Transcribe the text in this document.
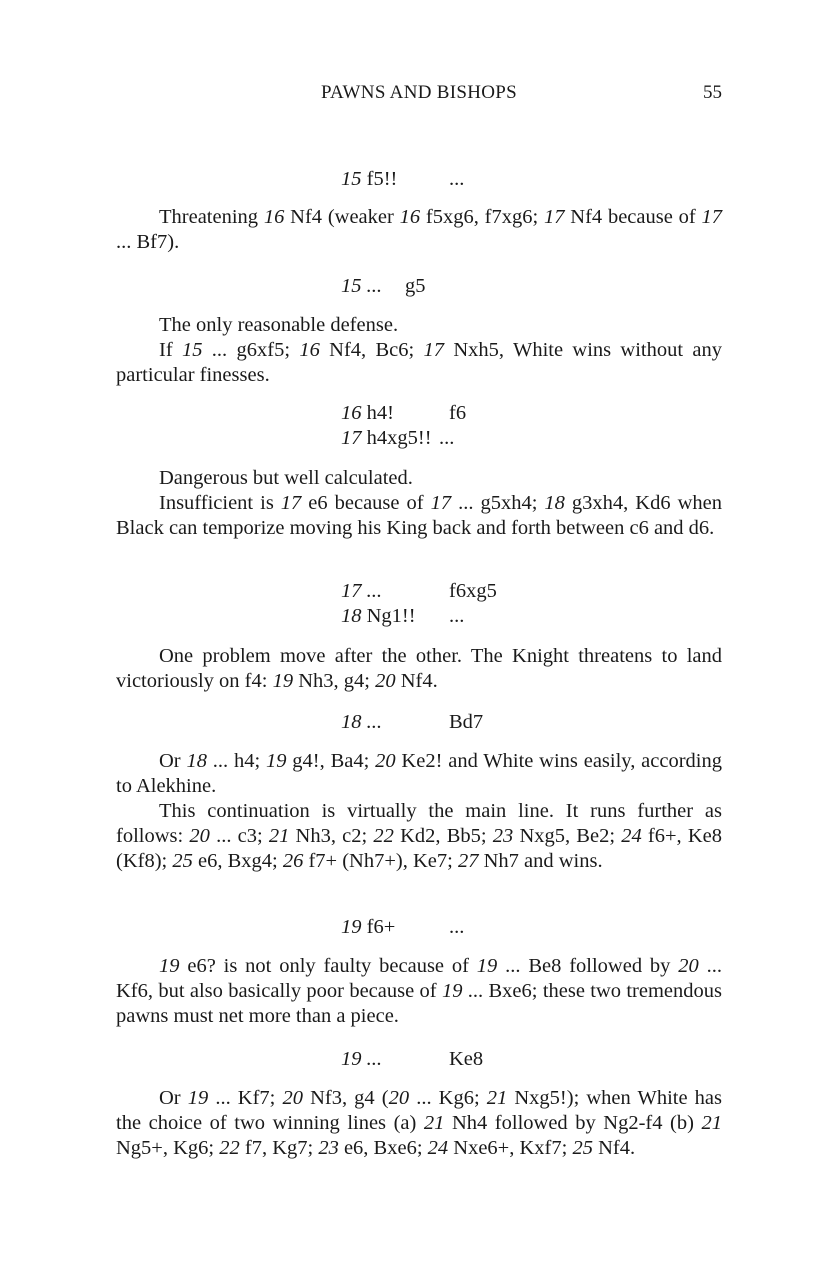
PAWNS AND BISHOPS	55
15 f5!!	...

Threatening 16 Nf4 (weaker 16 f5xg6, f7xg6; 17 Nf4 because of 17 ... Bf7).

15 ... g5

The only reasonable defense.

If 15 ... g6xf5; 16 Nf4, Bc6; 17 Nxh5, White wins without any particular finesses.

16 h4!	f6
17 h4xg5!! ...

Dangerous but well calculated.

Insufficient is 17 e6 because of 17 ... g5xh4; 18 g3xh4, Kd6 when Black can temporize moving his King back and forth between c6 and d6.

17 ...	f6xg5
18 Ng1!! ...

One problem move after the other. The Knight threatens to land victoriously on f4: 19 Nh3, g4; 20 Nf4.

18 ...	Bd7

Or 18 ... h4; 19 g4!, Ba4; 20 Ke2! and White wins easily, according to Alekhine.

This continuation is virtually the main line. It runs further as follows: 20 ... c3; 21 Nh3, c2; 22 Kd2, Bb5; 23 Nxg5, Be2; 24 f6+, Ke8 (Kf8); 25 e6, Bxg4; 26 f7+ (Nh7+), Ke7; 27 Nh7 and wins.

19 f6+	...

19 e6? is not only faulty because of 19 ... Be8 followed by 20 ... Kf6, but also basically poor because of 19 ... Bxe6; these two tremendous pawns must net more than a piece.

19 ...	Ke8

Or 19 ... Kf7; 20 Nf3, g4 (20 ... Kg6; 21 Nxg5!); when White has the choice of two winning lines (a) 21 Nh4 followed by Ng2-f4 (b) 21 Ng5+, Kg6; 22 f7, Kg7; 23 e6, Bxe6; 24 Nxe6+, Kxf7; 25 Nf4.
